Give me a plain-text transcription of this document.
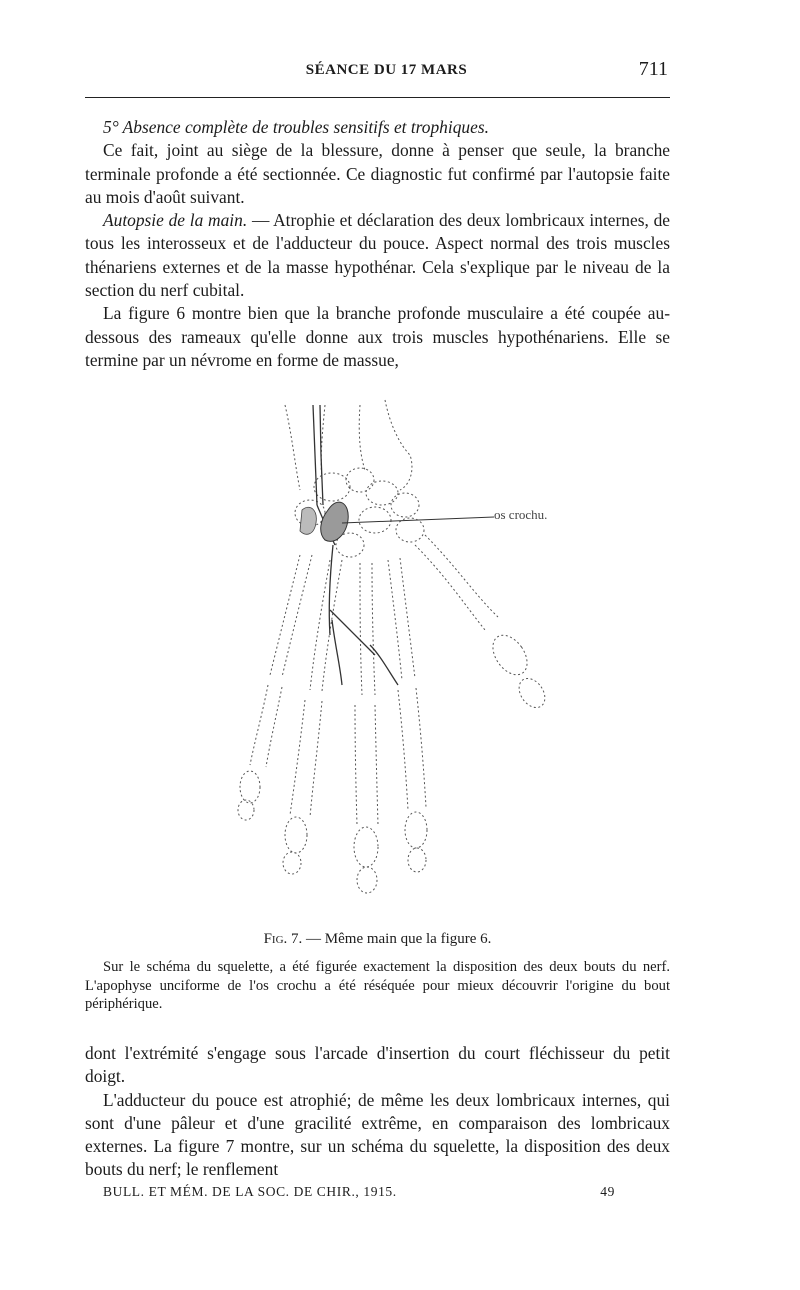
SÉANCE DU 17 MARS	711

5° Absence complète de troubles sensitifs et trophiques.

Ce fait, joint au siège de la blessure, donne à penser que seule, la branche terminale profonde a été sectionnée. Ce diagnostic fut confirmé par l'autopsie faite au mois d'août suivant.

Autopsie de la main. — Atrophie et déclaration des deux lombricaux internes, de tous les interosseux et de l'adducteur du pouce. Aspect normal des trois muscles thénariens externes et de la masse hypothénar. Cela s'explique par le niveau de la section du nerf cubital.

La figure 6 montre bien que la branche profonde musculaire a été coupée au-dessous des rameaux qu'elle donne aux trois muscles hypothénariens. Elle se termine par un névrome en forme de massue,

os crochu.
Fig. 7. — Même main que la figure 6.

Sur le schéma du squelette, a été figurée exactement la disposition des deux bouts du nerf. L'apophyse unciforme de l'os crochu a été réséquée pour mieux découvrir l'origine du bout périphérique.

dont l'extrémité s'engage sous l'arcade d'insertion du court fléchisseur du petit doigt.

L'adducteur du pouce est atrophié; de même les deux lombricaux internes, qui sont d'une pâleur et d'une gracilité extrême, en comparaison des lombricaux externes. La figure 7 montre, sur un schéma du squelette, la disposition des deux bouts du nerf; le renflement

BULL. ET MÉM. DE LA SOC. DE CHIR., 1915.	49
